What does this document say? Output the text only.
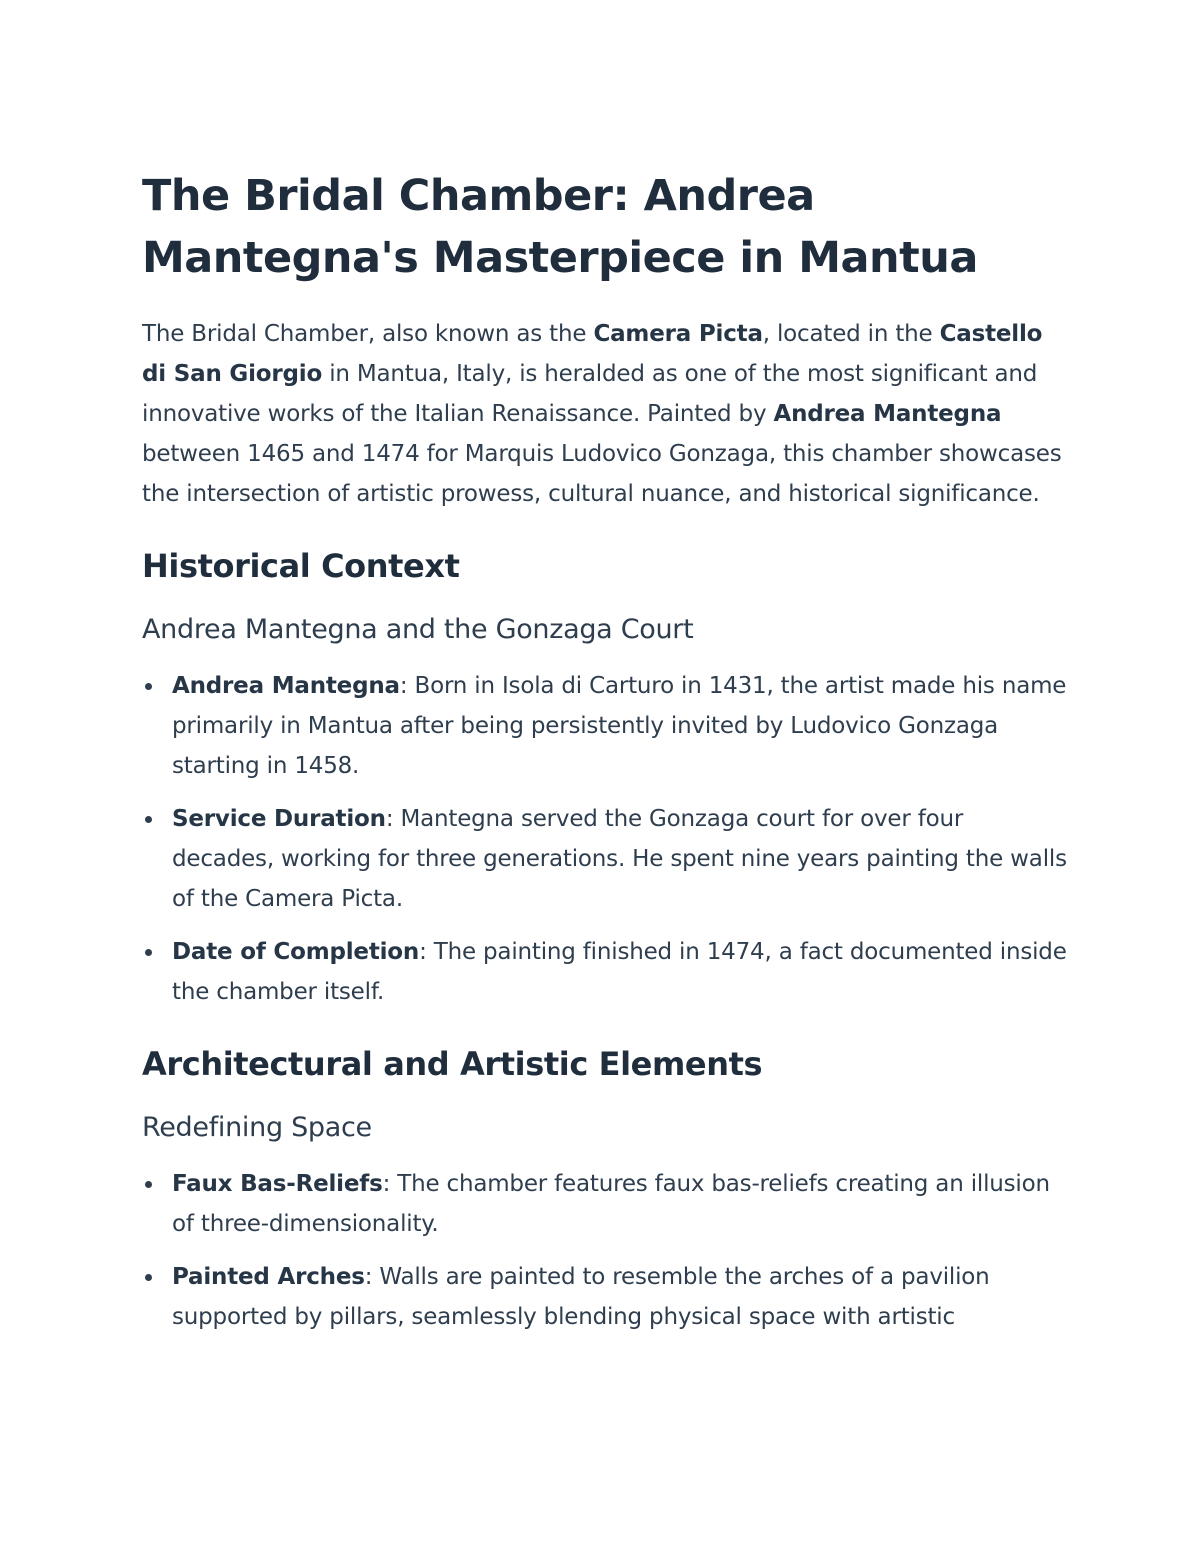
The Bridal Chamber: Andrea Mantegna's Masterpiece in Mantua

The Bridal Chamber, also known as the Camera Picta, located in the Castello di San Giorgio in Mantua, Italy, is heralded as one of the most significant and innovative works of the Italian Renaissance. Painted by Andrea Mantegna between 1465 and 1474 for Marquis Ludovico Gonzaga, this chamber showcases the intersection of artistic prowess, cultural nuance, and historical significance.

Historical Context
Andrea Mantegna and the Gonzaga Court
Andrea Mantegna: Born in Isola di Carturo in 1431, the artist made his name primarily in Mantua after being persistently invited by Ludovico Gonzaga starting in 1458.
Service Duration: Mantegna served the Gonzaga court for over four decades, working for three generations. He spent nine years painting the walls of the Camera Picta.
Date of Completion: The painting finished in 1474, a fact documented inside the chamber itself.
Architectural and Artistic Elements
Redefining Space
Faux Bas-Reliefs: The chamber features faux bas-reliefs creating an illusion of three-dimensionality.
Painted Arches: Walls are painted to resemble the arches of a pavilion supported by pillars, seamlessly blending physical space with artistic
